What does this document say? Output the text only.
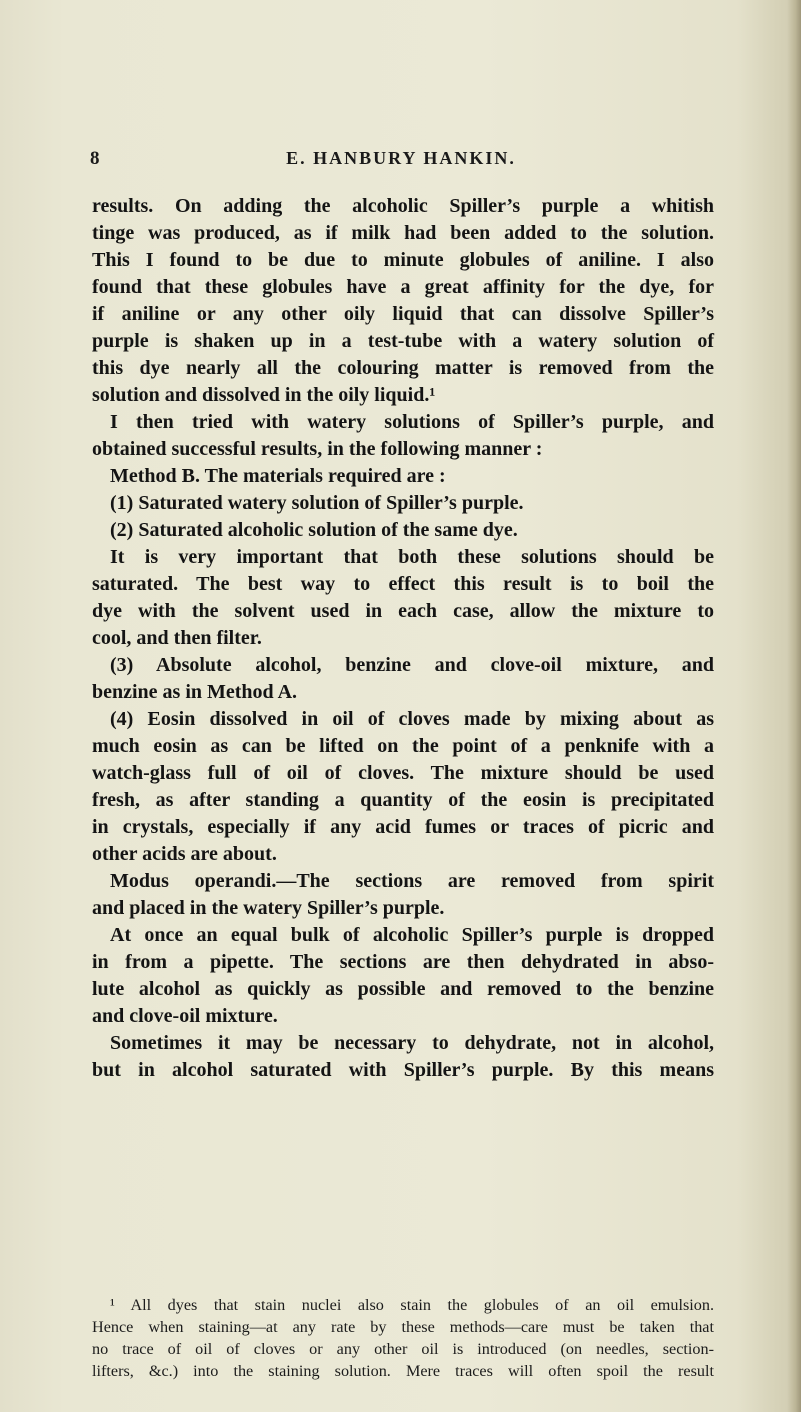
8	E. HANBURY HANKIN.
results. On adding the alcoholic Spiller’s purple a whitish
tinge was produced, as if milk had been added to the solution.
This I found to be due to minute globules of aniline. I also
found that these globules have a great affinity for the dye, for
if aniline or any other oily liquid that can dissolve Spiller’s
purple is shaken up in a test-tube with a watery solution of
this dye nearly all the colouring matter is removed from the
solution and dissolved in the oily liquid.¹
I then tried with watery solutions of Spiller’s purple, and
obtained successful results, in the following manner :
Method B. The materials required are :
(1) Saturated watery solution of Spiller’s purple.
(2) Saturated alcoholic solution of the same dye.
It is very important that both these solutions should be
saturated. The best way to effect this result is to boil the
dye with the solvent used in each case, allow the mixture to
cool, and then filter.
(3) Absolute alcohol, benzine and clove-oil mixture, and
benzine as in Method A.
(4) Eosin dissolved in oil of cloves made by mixing about as
much eosin as can be lifted on the point of a penknife with a
watch-glass full of oil of cloves. The mixture should be used
fresh, as after standing a quantity of the eosin is precipitated
in crystals, especially if any acid fumes or traces of picric and
other acids are about.
Modus operandi.—The sections are removed from spirit
and placed in the watery Spiller’s purple.
At once an equal bulk of alcoholic Spiller’s purple is dropped
in from a pipette. The sections are then dehydrated in abso-
lute alcohol as quickly as possible and removed to the benzine
and clove-oil mixture.
Sometimes it may be necessary to dehydrate, not in alcohol,
but in alcohol saturated with Spiller’s purple. By this means
¹ All dyes that stain nuclei also stain the globules of an oil emulsion.
Hence when staining—at any rate by these methods—care must be taken that
no trace of oil of cloves or any other oil is introduced (on needles, section-
lifters, &c.) into the staining solution. Mere traces will often spoil the result
